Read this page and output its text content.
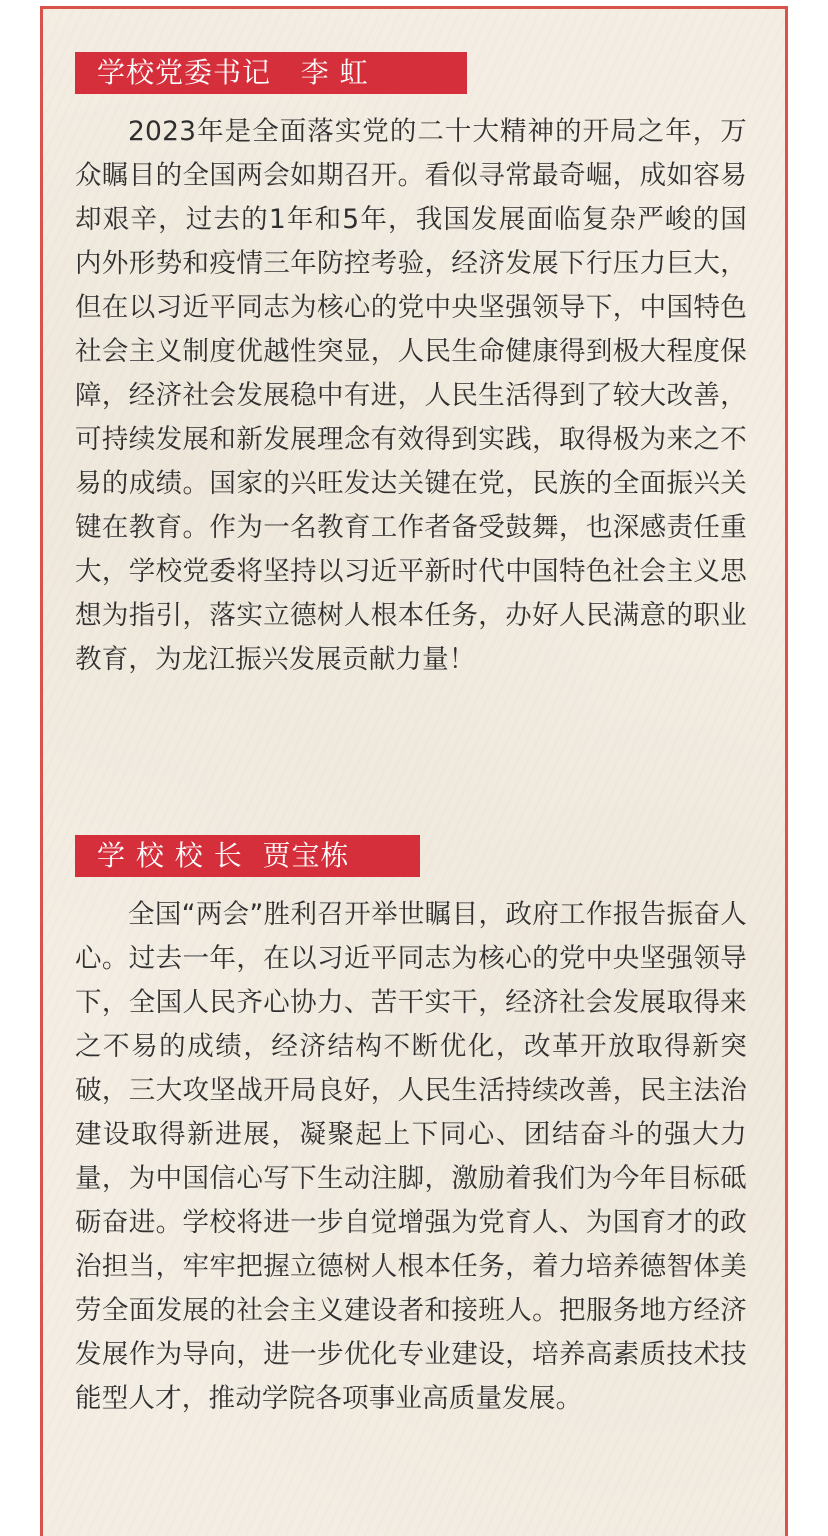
学校党委书记   李 虹

2023年是全面落实党的二十大精神的开局之年，万众瞩目的全国两会如期召开。看似寻常最奇崛，成如容易却艰辛，过去的1年和5年，我国发展面临复杂严峻的国内外形势和疫情三年防控考验，经济发展下行压力巨大，但在以习近平同志为核心的党中央坚强领导下，中国特色社会主义制度优越性突显，人民生命健康得到极大程度保障，经济社会发展稳中有进，人民生活得到了较大改善，可持续发展和新发展理念有效得到实践，取得极为来之不易的成绩。国家的兴旺发达关键在党，民族的全面振兴关键在教育。作为一名教育工作者备受鼓舞，也深感责任重大，学校党委将坚持以习近平新时代中国特色社会主义思想为指引，落实立德树人根本任务，办好人民满意的职业教育，为龙江振兴发展贡献力量！

学 校 校 长  贾宝栋

全国“两会”胜利召开举世瞩目，政府工作报告振奋人心。过去一年，在以习近平同志为核心的党中央坚强领导下，全国人民齐心协力、苦干实干，经济社会发展取得来之不易的成绩，经济结构不断优化，改革开放取得新突破，三大攻坚战开局良好，人民生活持续改善，民主法治建设取得新进展，凝聚起上下同心、团结奋斗的强大力量，为中国信心写下生动注脚，激励着我们为今年目标砥砺奋进。学校将进一步自觉增强为党育人、为国育才的政治担当，牢牢把握立德树人根本任务，着力培养德智体美劳全面发展的社会主义建设者和接班人。把服务地方经济发展作为导向，进一步优化专业建设，培养高素质技术技能型人才，推动学院各项事业高质量发展。
